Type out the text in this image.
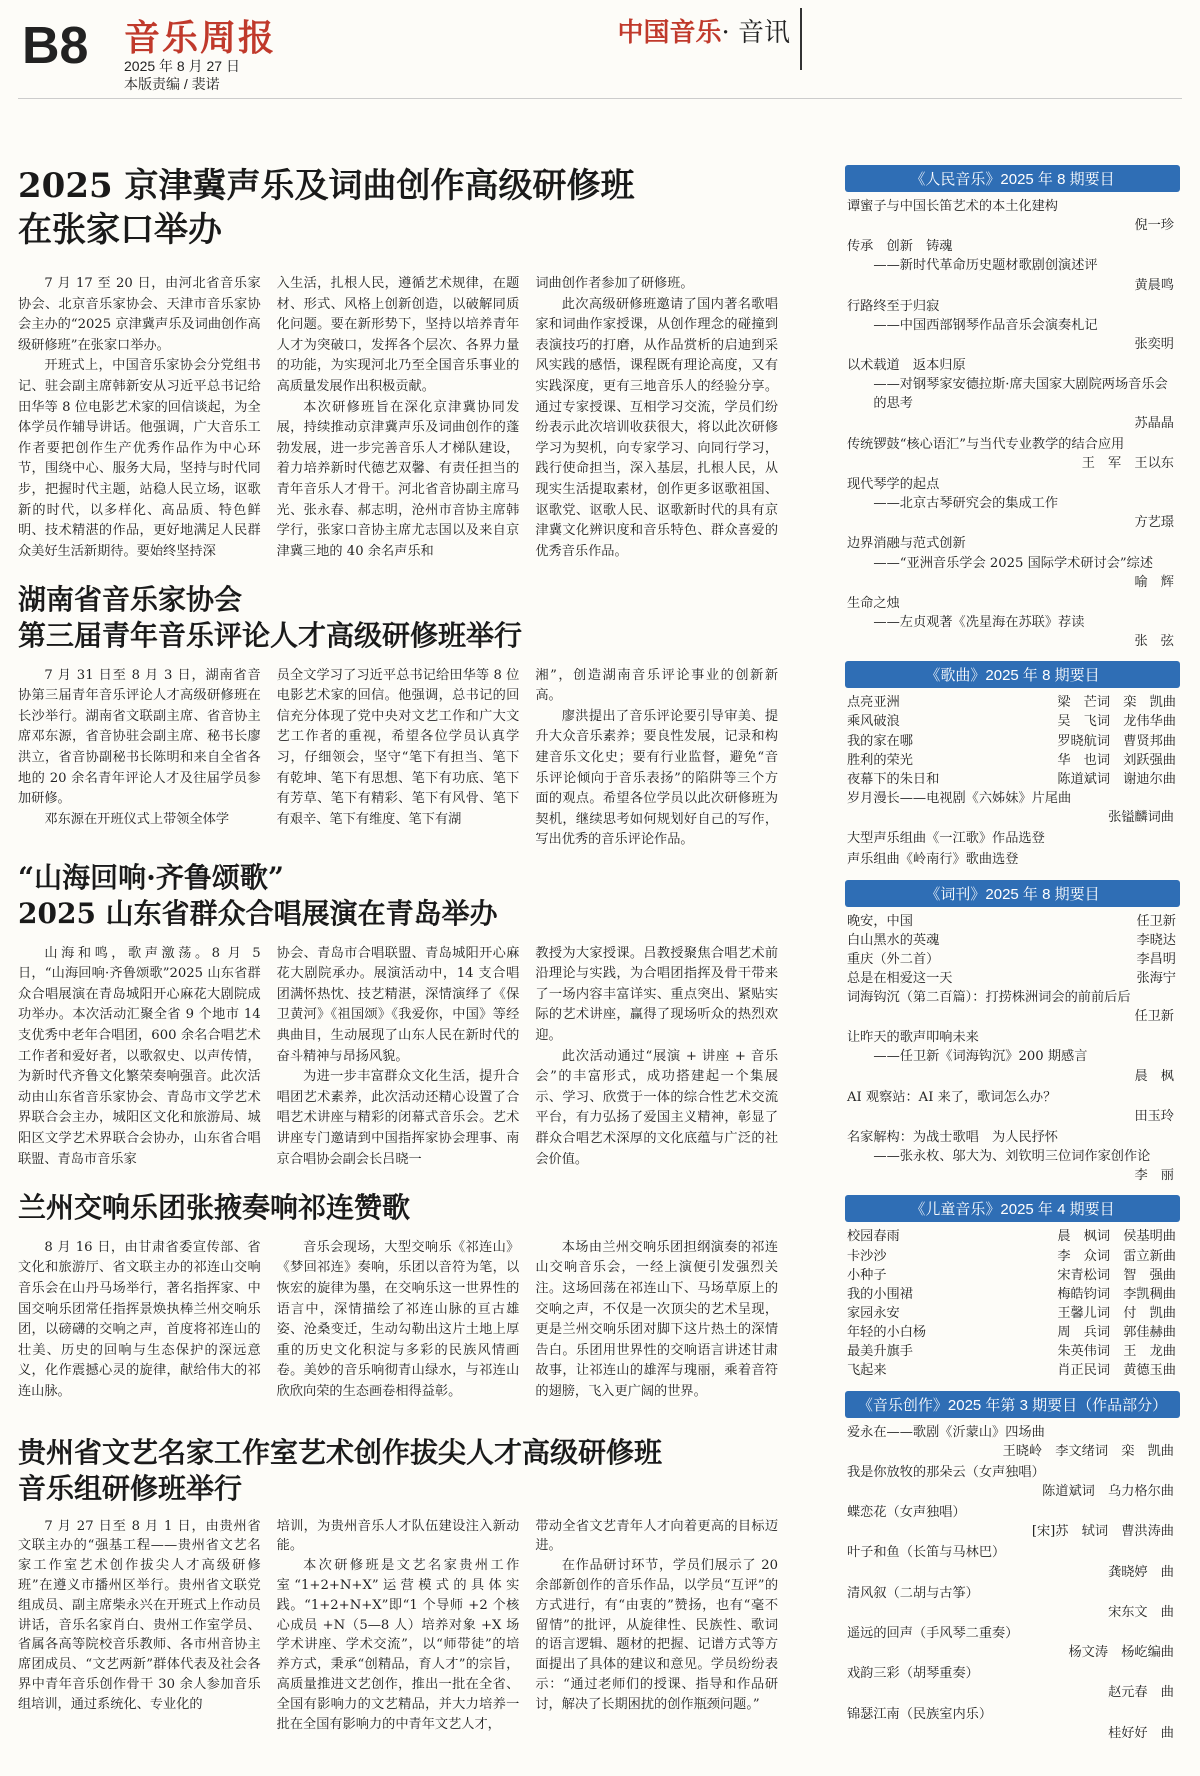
B8 音乐周报
2025 年 8 月 27 日
本版责编 / 裴诺
中国音乐· 音讯
2025 京津冀声乐及词曲创作高级研修班
在张家口举办

7 月 17 至 20 日，由河北省音乐家协会、北京音乐家协会、天津市音乐家协会主办的“2025 京津冀声乐及词曲创作高级研修班”在张家口举办。

开班式上，中国音乐家协会分党组书记、驻会副主席韩新安从习近平总书记给田华等 8 位电影艺术家的回信谈起，为全体学员作辅导讲话。他强调，广大音乐工作者要把创作生产优秀作品作为中心环节，围绕中心、服务大局，坚持与时代同步，把握时代主题，站稳人民立场，讴歌新的时代，以多样化、高品质、特色鲜明、技术精湛的作品，更好地满足人民群众美好生活新期待。要始终坚持深

入生活，扎根人民，遵循艺术规律，在题材、形式、风格上创新创造，以破解同质化问题。要在新形势下，坚持以培养青年人才为突破口，发挥各个层次、各界力量的功能，为实现河北乃至全国音乐事业的高质量发展作出积极贡献。

本次研修班旨在深化京津冀协同发展，持续推动京津冀声乐及词曲创作的蓬勃发展，进一步完善音乐人才梯队建设，着力培养新时代德艺双馨、有责任担当的青年音乐人才骨干。河北省音协副主席马光、张永春、郝志明，沧州市音协主席韩学行，张家口音协主席尤志国以及来自京津冀三地的 40 余名声乐和

词曲创作者参加了研修班。

此次高级研修班邀请了国内著名歌唱家和词曲作家授课，从创作理念的碰撞到表演技巧的打磨，从作品赏析的启迪到采风实践的感悟，课程既有理论高度，又有实践深度，更有三地音乐人的经验分享。通过专家授课、互相学习交流，学员们纷纷表示此次培训收获很大，将以此次研修学习为契机，向专家学习、向同行学习，践行使命担当，深入基层，扎根人民，从现实生活提取素材，创作更多讴歌祖国、讴歌党、讴歌人民、讴歌新时代的具有京津冀文化辨识度和音乐特色、群众喜爱的优秀音乐作品。

湖南省音乐家协会
第三届青年音乐评论人才高级研修班举行

7 月 31 日至 8 月 3 日，湖南省音协第三届青年音乐评论人才高级研修班在长沙举行。湖南省文联副主席、省音协主席邓东源，省音协驻会副主席、秘书长廖洪立，省音协副秘书长陈明和来自全省各地的 20 余名青年评论人才及往届学员参加研修。

邓东源在开班仪式上带领全体学

员全文学习了习近平总书记给田华等 8 位电影艺术家的回信。他强调，总书记的回信充分体现了党中央对文艺工作和广大文艺工作者的重视，希望各位学员认真学习，仔细领会，坚守“笔下有担当、笔下有乾坤、笔下有思想、笔下有功底、笔下有芳草、笔下有精彩、笔下有风骨、笔下有艰辛、笔下有维度、笔下有湖

湘”，创造湖南音乐评论事业的创新新高。

廖洪提出了音乐评论要引导审美、提升大众音乐素养；要良性发展，记录和构建音乐文化史；要有行业监督，避免“音乐评论倾向于音乐表扬”的陷阱等三个方面的观点。希望各位学员以此次研修班为契机，继续思考如何规划好自己的写作，写出优秀的音乐评论作品。

“山海回响·齐鲁颂歌”
2025 山东省群众合唱展演在青岛举办

山海和鸣，歌声激荡。8 月 5 日，“山海回响·齐鲁颂歌”2025 山东省群众合唱展演在青岛城阳开心麻花大剧院成功举办。本次活动汇聚全省 9 个地市 14 支优秀中老年合唱团，600 余名合唱艺术工作者和爱好者，以歌叙史、以声传情，为新时代齐鲁文化繁荣奏响强音。此次活动由山东省音乐家协会、青岛市文学艺术界联合会主办，城阳区文化和旅游局、城阳区文学艺术界联合会协办，山东省合唱联盟、青岛市音乐家

协会、青岛市合唱联盟、青岛城阳开心麻花大剧院承办。展演活动中，14 支合唱团满怀热忱、技艺精湛，深情演绎了《保卫黄河》《祖国颂》《我爱你，中国》等经典曲目，生动展现了山东人民在新时代的奋斗精神与昂扬风貌。

为进一步丰富群众文化生活，提升合唱团艺术素养，此次活动还精心设置了合唱艺术讲座与精彩的闭幕式音乐会。艺术讲座专门邀请到中国指挥家协会理事、南京合唱协会副会长吕晓一

教授为大家授课。吕教授聚焦合唱艺术前沿理论与实践，为合唱团指挥及骨干带来了一场内容丰富详实、重点突出、紧贴实际的艺术讲座，赢得了现场听众的热烈欢迎。

此次活动通过“展演 + 讲座 + 音乐会”的丰富形式，成功搭建起一个集展示、学习、欣赏于一体的综合性艺术交流平台，有力弘扬了爱国主义精神，彰显了群众合唱艺术深厚的文化底蕴与广泛的社会价值。

兰州交响乐团张掖奏响祁连赞歌

8 月 16 日，由甘肃省委宣传部、省文化和旅游厅、省文联主办的祁连山交响音乐会在山丹马场举行，著名指挥家、中国交响乐团常任指挥景焕执棒兰州交响乐团，以磅礴的交响之声，首度将祁连山的壮美、历史的回响与生态保护的深远意义，化作震撼心灵的旋律，献给伟大的祁连山脉。

音乐会现场，大型交响乐《祁连山》《梦回祁连》奏响，乐团以音符为笔，以恢宏的旋律为墨，在交响乐这一世界性的语言中，深情描绘了祁连山脉的亘古雄姿、沧桑变迁，生动勾勒出这片土地上厚重的历史文化积淀与多彩的民族风情画卷。美妙的音乐响彻青山绿水，与祁连山欣欣向荣的生态画卷相得益彰。

本场由兰州交响乐团担纲演奏的祁连山交响音乐会，一经上演便引发强烈关注。这场回荡在祁连山下、马场草原上的交响之声，不仅是一次顶尖的艺术呈现，更是兰州交响乐团对脚下这片热土的深情告白。乐团用世界性的交响语言讲述甘肃故事，让祁连山的雄浑与瑰丽，乘着音符的翅膀，飞入更广阔的世界。

贵州省文艺名家工作室艺术创作拔尖人才高级研修班
音乐组研修班举行

7 月 27 日至 8 月 1 日，由贵州省文联主办的“强基工程——贵州省文艺名家工作室艺术创作拔尖人才高级研修班”在遵义市播州区举行。贵州省文联党组成员、副主席柴永兴在开班式上作动员讲话，音乐名家肖白、贵州工作室学员、省属各高等院校音乐教师、各市州音协主席团成员、“文艺两新”群体代表及社会各界中青年音乐创作骨干 30 余人参加音乐组培训，通过系统化、专业化的

培训，为贵州音乐人才队伍建设注入新动能。

本次研修班是文艺名家贵州工作室“1+2+N+X”运营模式的具体实践。“1+2+N+X”即“1 个导师 +2 个核心成员 +N（5—8 人）培养对象 +X 场学术讲座、学术交流”，以“师带徒”的培养方式，秉承“创精品，育人才”的宗旨，高质量推进文艺创作，推出一批在全省、全国有影响力的文艺精品，并大力培养一批在全国有影响力的中青年文艺人才，

带动全省文艺青年人才向着更高的目标迈进。

在作品研讨环节，学员们展示了 20 余部新创作的音乐作品，以学员“互评”的方式进行，有“由衷的”赞扬，也有“毫不留情”的批评，从旋律性、民族性、歌词的语言逻辑、题材的把握、记谱方式等方面提出了具体的建议和意见。学员纷纷表示：“通过老师们的授课、指导和作品研讨，解决了长期困扰的创作瓶颈问题。”

《人民音乐》2025 年 8 期要目
谭蜜子与中国长笛艺术的本土化建构
倪一珍
传承　创新　铸魂
——新时代革命历史题材歌剧创演述评
黄晨鸣
行路终至于归寂
——中国西部钢琴作品音乐会演奏札记
张奕明
以术载道　返本归原
——对钢琴家安德拉斯·席夫国家大剧院两场音乐会的思考
苏晶晶
传统锣鼓“核心语汇”与当代专业教学的结合应用
王　军　王以东
现代琴学的起点
——北京古琴研究会的集成工作
方艺璟
边界消融与范式创新
——“亚洲音乐学会 2025 国际学术研讨会”综述
喻　辉
生命之烛
——左贞观著《冼星海在苏联》荐读
张　弦
《歌曲》2025 年 8 期要目
点亮亚洲	梁　芒词　栾　凯曲
乘风破浪	吴　飞词　龙伟华曲
我的家在哪	罗晓航词　曹贤邦曲
胜利的荣光	华　也词　刘跃强曲
夜幕下的朱日和	陈道斌词　谢迪尔曲
岁月漫长——电视剧《六姊妹》片尾曲
张镒麟词曲
大型声乐组曲《一江歌》作品选登
声乐组曲《岭南行》歌曲选登
《词刊》2025 年 8 期要目
晚安，中国	任卫新
白山黑水的英魂	李晓达
重庆（外二首）	李昌明
总是在相爱这一天	张海宁
词海钩沉（第二百篇）：打捞株洲词会的前前后后
任卫新
让昨天的歌声叩响未来
——任卫新《词海钩沉》200 期感言
晨　枫
AI 观察站：AI 来了，歌词怎么办？
田玉玲
名家解构：为战士歌唱　为人民抒怀
——张永枚、邬大为、刘钦明三位词作家创作论
李　丽
《儿童音乐》2025 年 4 期要目
校园春雨	晨　枫词　侯基明曲
卡沙沙	李　众词　雷立新曲
小种子	宋青松词　智　强曲
我的小围裙	梅皓钧词　李凯稠曲
家园永安	王馨儿词　付　凯曲
年轻的小白杨	周　兵词　郭佳赫曲
最美升旗手	朱英伟词　王　龙曲
飞起来	肖正民词　黄德玉曲
《音乐创作》2025 年第 3 期要目（作品部分）
爱永在——歌剧《沂蒙山》四场曲
王晓岭　李文绪词　栾　凯曲
我是你放牧的那朵云（女声独唱）
陈道斌词　乌力格尔曲
蝶恋花（女声独唱）
[宋]苏　轼词　曹洪涛曲
叶子和鱼（长笛与马林巴）
龚晓婷　曲
清风叙（二胡与古筝）
宋东文　曲
遥远的回声（手风琴二重奏）
杨文涛　杨屹编曲
戏韵三彩（胡琴重奏）
赵元春　曲
锦瑟江南（民族室内乐）
桂好好　曲
